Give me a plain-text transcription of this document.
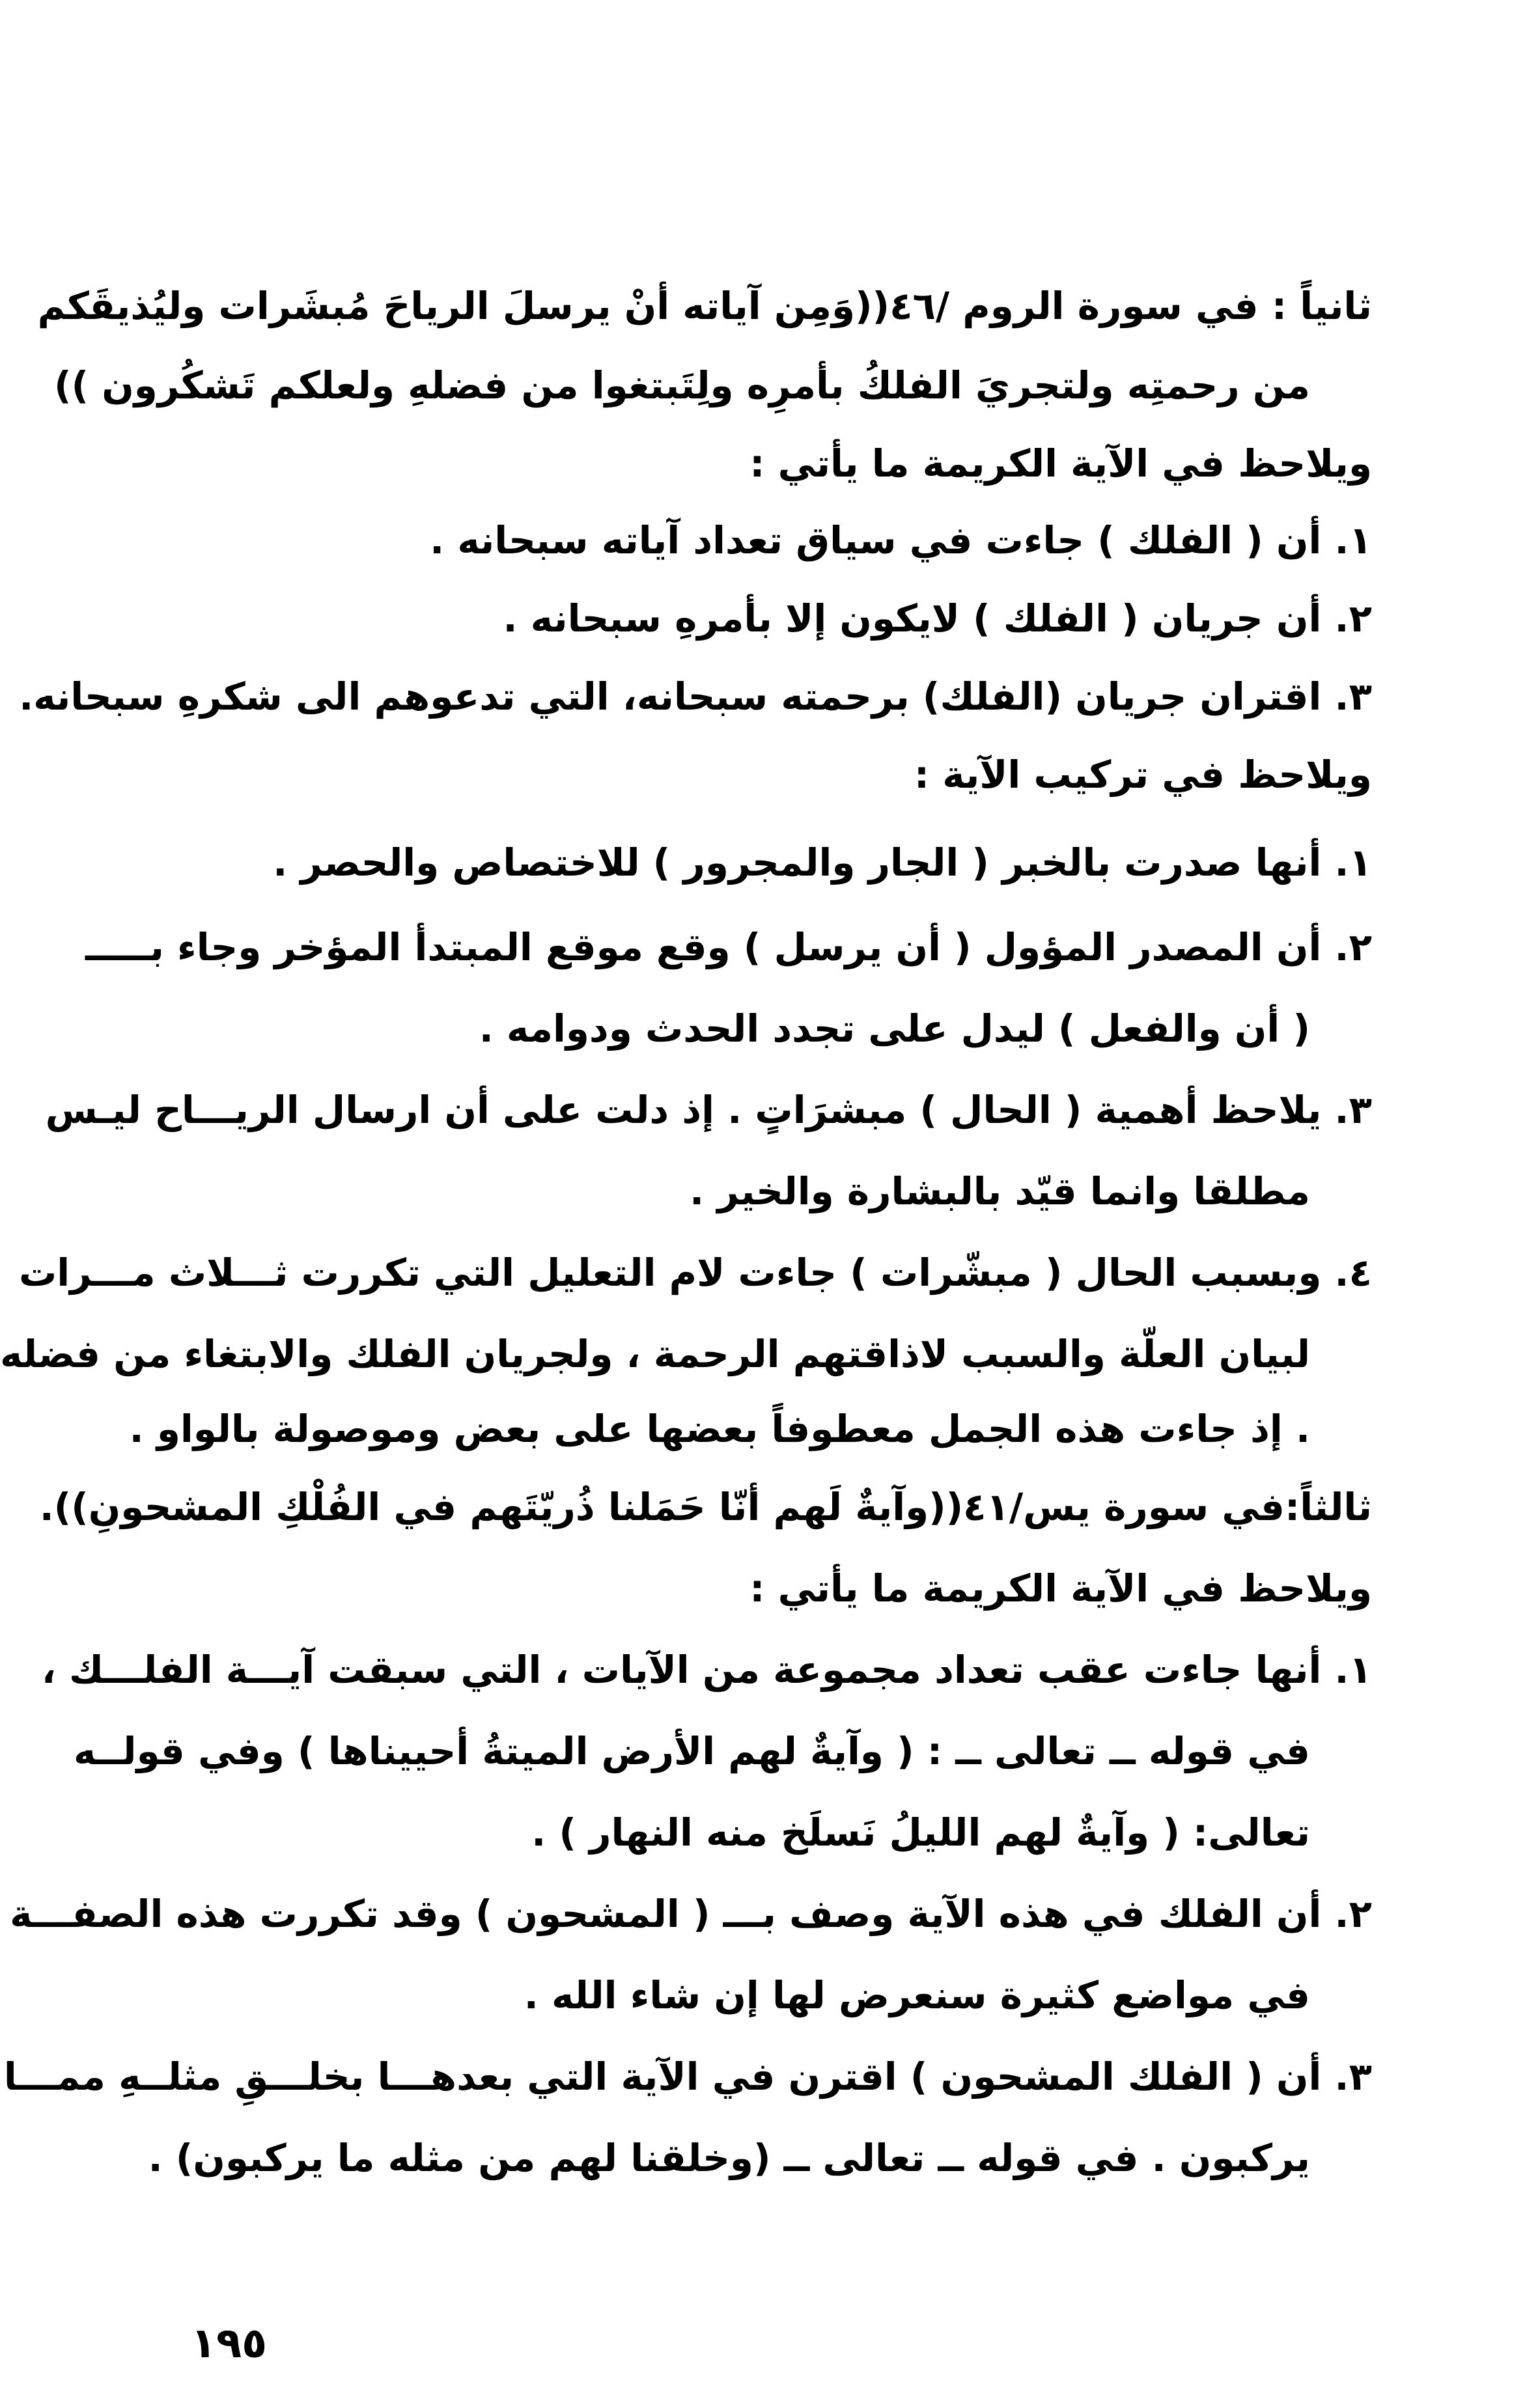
ثانياً : في سورة الروم /٤٦((وَمِن آياته أنْ يرسلَ الرياحَ مُبشَرات وليُذيقَكم
من رحمتِه ولتجريَ الفلكُ بأمرِه ولِتَبتغوا من فضلهِ ولعلكم تَشكُرون ))
ويلاحظ في الآية الكريمة ما يأتي :
١. أن ( الفلك ) جاءت في سياق تعداد آياته سبحانه .
٢. أن جريان ( الفلك ) لايكون إلا بأمرهِ سبحانه .
٣. اقتران جريان (الفلك) برحمته سبحانه، التي تدعوهم الى شكرهِ سبحانه.
ويلاحظ في تركيب الآية :
١. أنها صدرت بالخبر ( الجار والمجرور ) للاختصاص والحصر .
٢. أن المصدر المؤول ( أن يرسل ) وقع موقع المبتدأ المؤخر وجاء بـــــ
( أن والفعل ) ليدل على تجدد الحدث ودوامه .
٣. يلاحظ أهمية ( الحال ) مبشرَاتٍ . إذ دلت على أن ارسال الريـــاح ليـس
مطلقا وانما قيّد بالبشارة والخير .
٤. وبسبب الحال ( مبشّرات ) جاءت لام التعليل التي تكررت ثـــلاث مـــرات
لبيان العلّة والسبب لاذاقتهم الرحمة ، ولجريان الفلك والابتغاء من فضله
. إذ جاءت هذه الجمل معطوفاً بعضها على بعض وموصولة بالواو .
ثالثاً:في سورة يس/٤١((وآيةٌ لَهم أنّا حَمَلنا ذُريّتَهم في الفُلْكِ المشحونِ)).
ويلاحظ في الآية الكريمة ما يأتي :
١. أنها جاءت عقب تعداد مجموعة من الآيات ، التي سبقت آيـــة الفلـــك ،
في قوله ــ تعالى ــ : ( وآيةٌ لهم الأرض الميتةُ أحييناها ) وفي قولــه
تعالى: ( وآيةٌ لهم الليلُ نَسلَخ منه النهار ) .
٢. أن الفلك في هذه الآية وصف بـــ ( المشحون ) وقد تكررت هذه الصفـــة
في مواضع كثيرة سنعرض لها إن شاء الله .
٣. أن ( الفلك المشحون ) اقترن في الآية التي بعدهـــا بخلـــقِ مثلــهِ ممـــا
يركبون . في قوله ــ تعالى ــ (وخلقنا لهم من مثله ما يركبون) .
١٩٥
